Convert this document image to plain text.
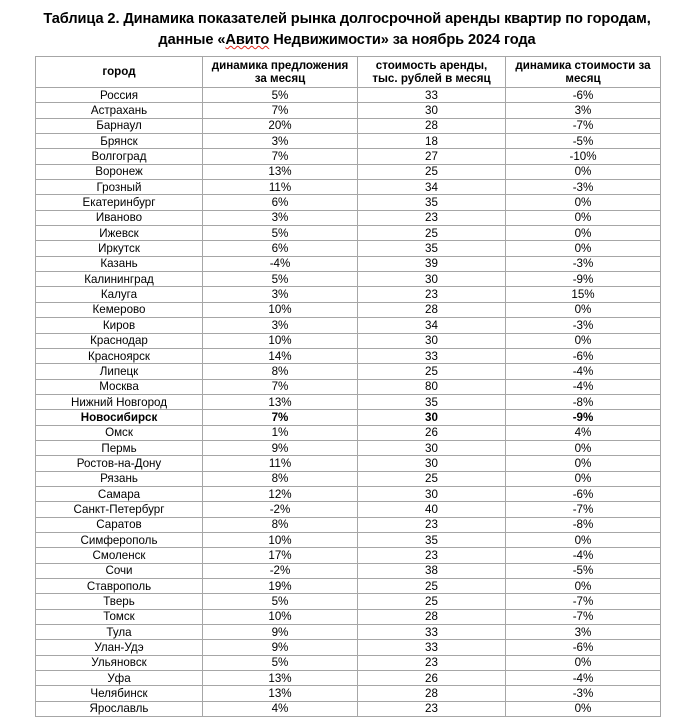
Таблица 2. Динамика показателей рынка долгосрочной аренды квартир по городам, данные «Авито Недвижимости» за ноябрь 2024 года
город	динамика предложения за месяц	стоимость аренды, тыс. рублей в месяц	динамика стоимости за месяц
Россия	5%	33	-6%
Астрахань	7%	30	3%
Барнаул	20%	28	-7%
Брянск	3%	18	-5%
Волгоград	7%	27	-10%
Воронеж	13%	25	0%
Грозный	11%	34	-3%
Екатеринбург	6%	35	0%
Иваново	3%	23	0%
Ижевск	5%	25	0%
Иркутск	6%	35	0%
Казань	-4%	39	-3%
Калининград	5%	30	-9%
Калуга	3%	23	15%
Кемерово	10%	28	0%
Киров	3%	34	-3%
Краснодар	10%	30	0%
Красноярск	14%	33	-6%
Липецк	8%	25	-4%
Москва	7%	80	-4%
Нижний Новгород	13%	35	-8%
Новосибирск	7%	30	-9%
Омск	1%	26	4%
Пермь	9%	30	0%
Ростов-на-Дону	11%	30	0%
Рязань	8%	25	0%
Самара	12%	30	-6%
Санкт-Петербург	-2%	40	-7%
Саратов	8%	23	-8%
Симферополь	10%	35	0%
Смоленск	17%	23	-4%
Сочи	-2%	38	-5%
Ставрополь	19%	25	0%
Тверь	5%	25	-7%
Томск	10%	28	-7%
Тула	9%	33	3%
Улан-Удэ	9%	33	-6%
Ульяновск	5%	23	0%
Уфа	13%	26	-4%
Челябинск	13%	28	-3%
Ярославль	4%	23	0%
